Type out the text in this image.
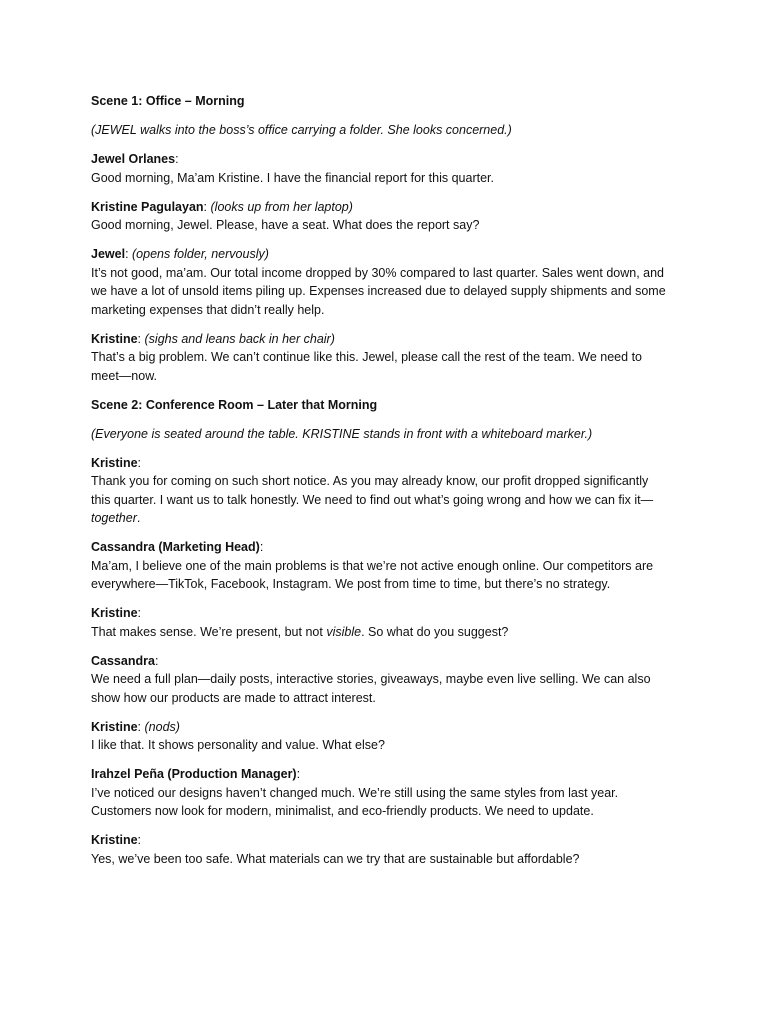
Scene 1: Office – Morning
(JEWEL walks into the boss’s office carrying a folder. She looks concerned.)
Jewel Orlanes:
Good morning, Ma’am Kristine. I have the financial report for this quarter.
Kristine Pagulayan: (looks up from her laptop)
Good morning, Jewel. Please, have a seat. What does the report say?
Jewel: (opens folder, nervously)
It’s not good, ma’am. Our total income dropped by 30% compared to last quarter. Sales went down, and
we have a lot of unsold items piling up. Expenses increased due to delayed supply shipments and some
marketing expenses that didn’t really help.
Kristine: (sighs and leans back in her chair)
That’s a big problem. We can’t continue like this. Jewel, please call the rest of the team. We need to
meet—now.
Scene 2: Conference Room – Later that Morning
(Everyone is seated around the table. KRISTINE stands in front with a whiteboard marker.)
Kristine:
Thank you for coming on such short notice. As you may already know, our profit dropped significantly
this quarter. I want us to talk honestly. We need to find out what’s going wrong and how we can fix it—
together.
Cassandra (Marketing Head):
Ma’am, I believe one of the main problems is that we’re not active enough online. Our competitors are
everywhere—TikTok, Facebook, Instagram. We post from time to time, but there’s no strategy.
Kristine:
That makes sense. We’re present, but not visible. So what do you suggest?
Cassandra:
We need a full plan—daily posts, interactive stories, giveaways, maybe even live selling. We can also
show how our products are made to attract interest.
Kristine: (nods)
I like that. It shows personality and value. What else?
Irahzel Peña (Production Manager):
I’ve noticed our designs haven’t changed much. We’re still using the same styles from last year.
Customers now look for modern, minimalist, and eco-friendly products. We need to update.
Kristine:
Yes, we’ve been too safe. What materials can we try that are sustainable but affordable?
